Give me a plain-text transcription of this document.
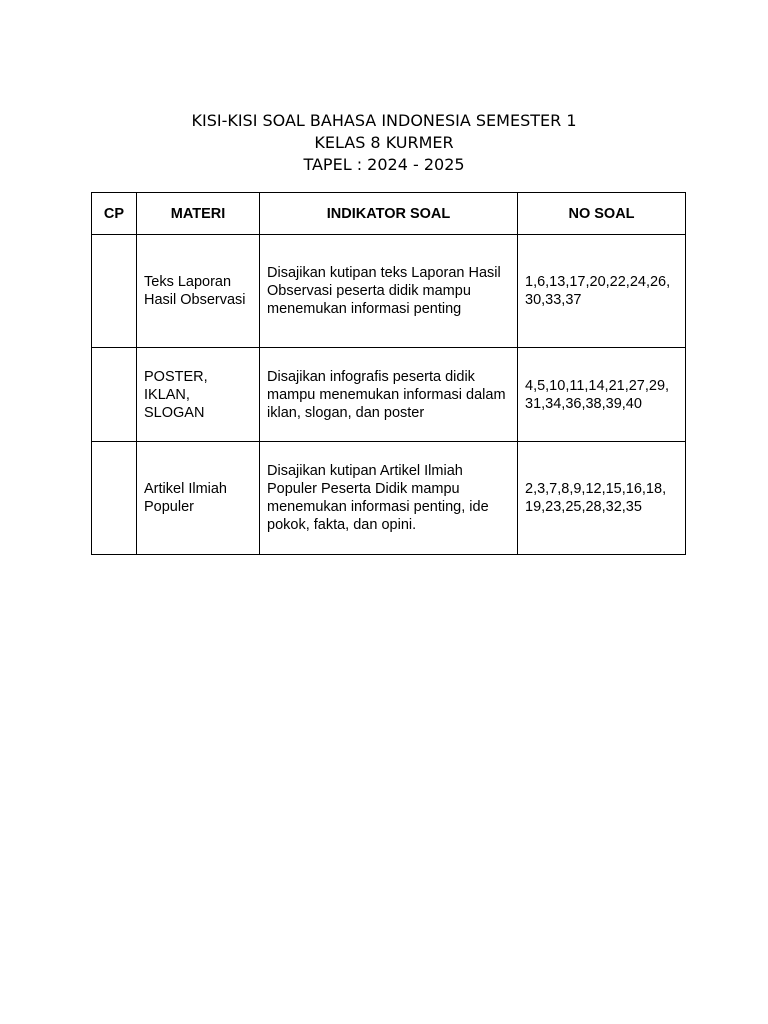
KISI-KISI SOAL BAHASA INDONESIA SEMESTER 1
KELAS 8 KURMER
TAPEL : 2024 - 2025
CP	MATERI	INDIKATOR SOAL	NO SOAL

	Teks Laporan Hasil Observasi	Disajikan kutipan teks Laporan Hasil Observasi peserta didik mampu menemukan informasi penting	1,6,13,17,20,22,24,26,
30,33,37

	POSTER, IKLAN, SLOGAN	Disajikan infografis peserta didik mampu menemukan informasi dalam iklan, slogan, dan poster	4,5,10,11,14,21,27,29,
31,34,36,38,39,40

	Artikel Ilmiah Populer	Disajikan kutipan Artikel Ilmiah Populer Peserta Didik mampu menemukan informasi penting, ide pokok, fakta, dan opini.	2,3,7,8,9,12,15,16,18,
19,23,25,28,32,35
